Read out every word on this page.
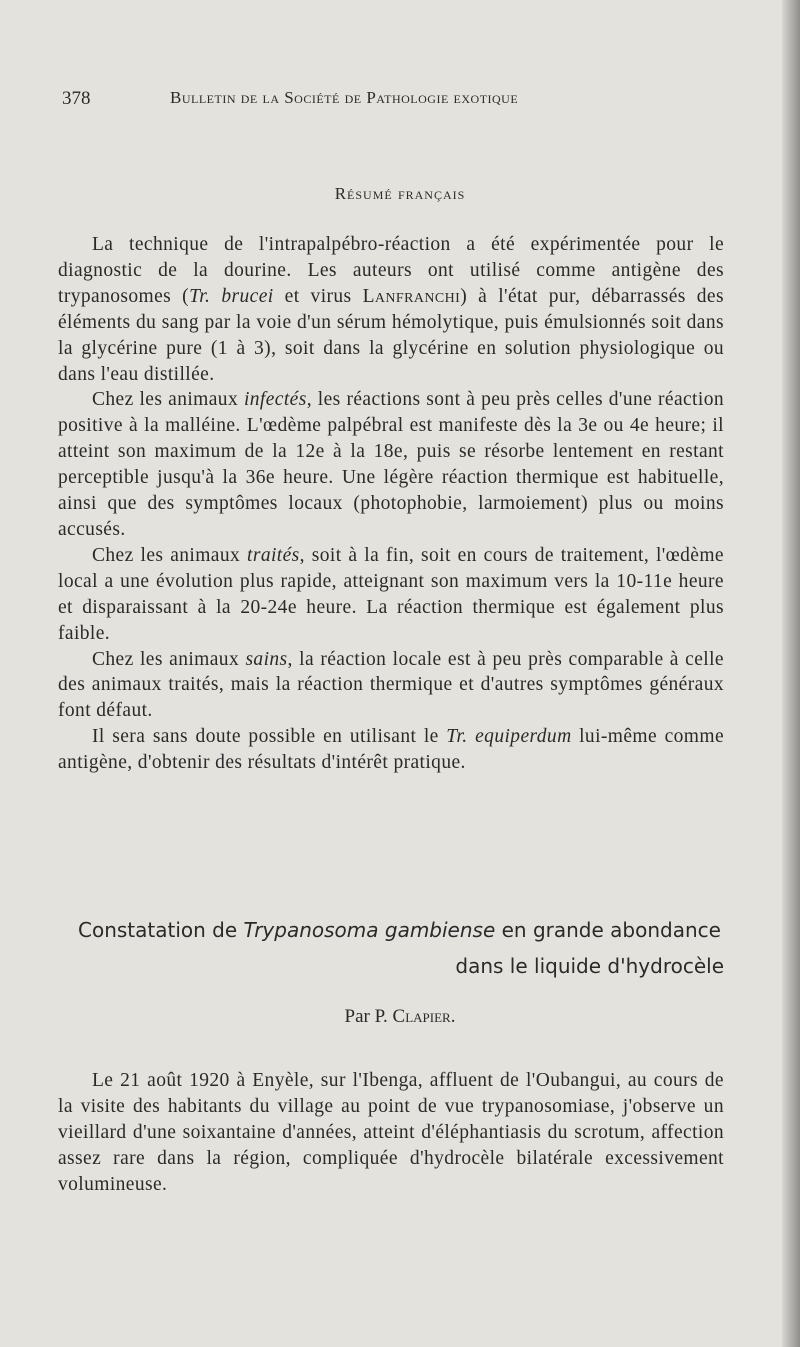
378	Bulletin de la Société de Pathologie exotique
Résumé français

La technique de l'intrapalpébro-réaction a été expérimentée pour le diagnostic de la dourine. Les auteurs ont utilisé comme antigène des trypanosomes (Tr. brucei et virus Lanfranchi) à l'état pur, débarrassés des éléments du sang par la voie d'un sérum hémolytique, puis émulsionnés soit dans la glycérine pure (1 à 3), soit dans la glycérine en solution physiologique ou dans l'eau distillée.

Chez les animaux infectés, les réactions sont à peu près celles d'une réaction positive à la malléine. L'œdème palpébral est manifeste dès la 3e ou 4e heure; il atteint son maximum de la 12e à la 18e, puis se résorbe lentement en restant perceptible jusqu'à la 36e heure. Une légère réaction thermique est habituelle, ainsi que des symptômes locaux (photophobie, larmoiement) plus ou moins accusés.

Chez les animaux traités, soit à la fin, soit en cours de traitement, l'œdème local a une évolution plus rapide, atteignant son maximum vers la 10-11e heure et disparaissant à la 20-24e heure. La réaction thermique est également plus faible.

Chez les animaux sains, la réaction locale est à peu près comparable à celle des animaux traités, mais la réaction thermique et d'autres symptômes généraux font défaut.

Il sera sans doute possible en utilisant le Tr. equiperdum lui-même comme antigène, d'obtenir des résultats d'intérêt pratique.

Constatation de Trypanosoma gambiense en grande abondance
dans le liquide d'hydrocèle
Par P. Clapier.

Le 21 août 1920 à Enyèle, sur l'Ibenga, affluent de l'Oubangui, au cours de la visite des habitants du village au point de vue trypanosomiase, j'observe un vieillard d'une soixantaine d'années, atteint d'éléphantiasis du scrotum, affection assez rare dans la région, compliquée d'hydrocèle bilatérale excessivement volumineuse.
